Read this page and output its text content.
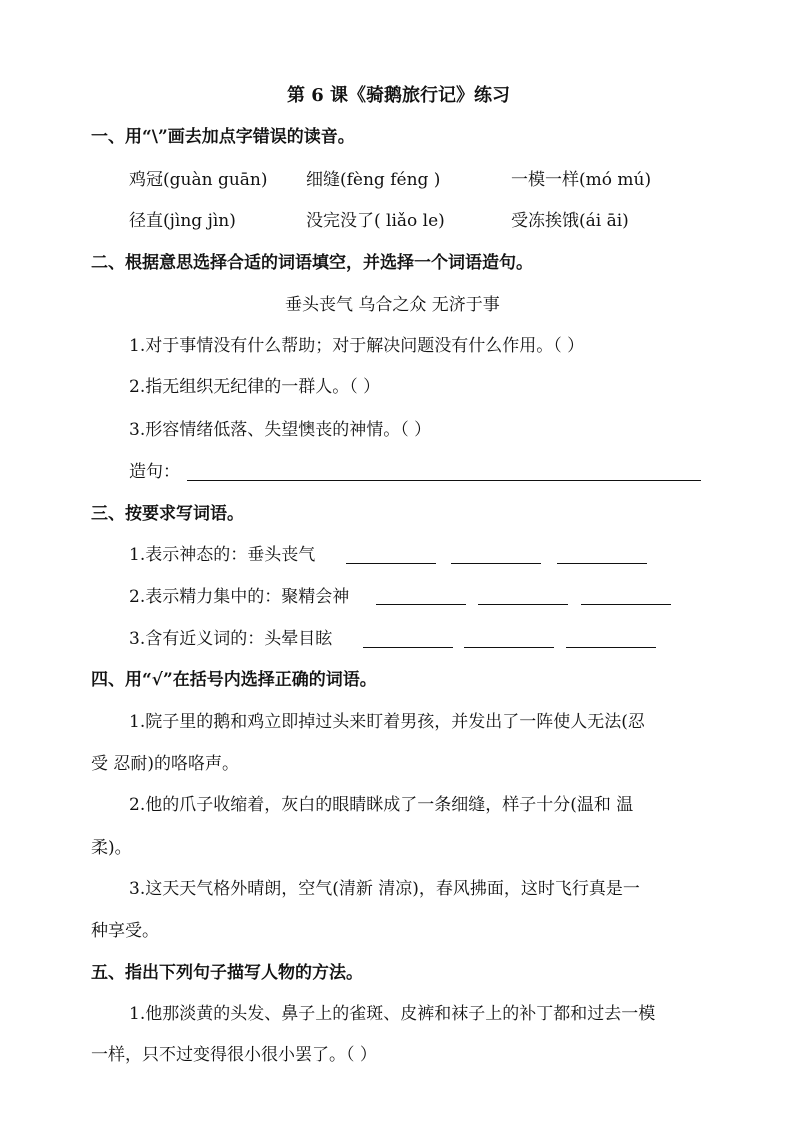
第 6 课《骑鹅旅行记》练习
一、用“\”画去加点字错误的读音。
鸡冠(guàn guān) 细缝(fèng féng )	一模一样(mó mú)
径直(jìng jìn)	没完没了( liǎo le)	受冻挨饿(ái āi)
二、根据意思选择合适的词语填空，并选择一个词语造句。
垂头丧气 乌合之众 无济于事
1.对于事情没有什么帮助；对于解决问题没有什么作用。（ ）
2.指无组织无纪律的一群人。（ ）
3.形容情绪低落、失望懊丧的神情。（ ）
造句：
三、按要求写词语。
1.表示神态的：垂头丧气
2.表示精力集中的：聚精会神
3.含有近义词的：头晕目眩
四、用“√”在括号内选择正确的词语。
1.院子里的鹅和鸡立即掉过头来盯着男孩，并发出了一阵使人无法(忍
受 忍耐)的咯咯声。
2.他的爪子收缩着，灰白的眼睛眯成了一条细缝，样子十分(温和 温
柔)。
3.这天天气格外晴朗，空气(清新 清凉)，春风拂面，这时飞行真是一
种享受。
五、指出下列句子描写人物的方法。
1.他那淡黄的头发、鼻子上的雀斑、皮裤和袜子上的补丁都和过去一模
一样，只不过变得很小很小罢了。（ ）
